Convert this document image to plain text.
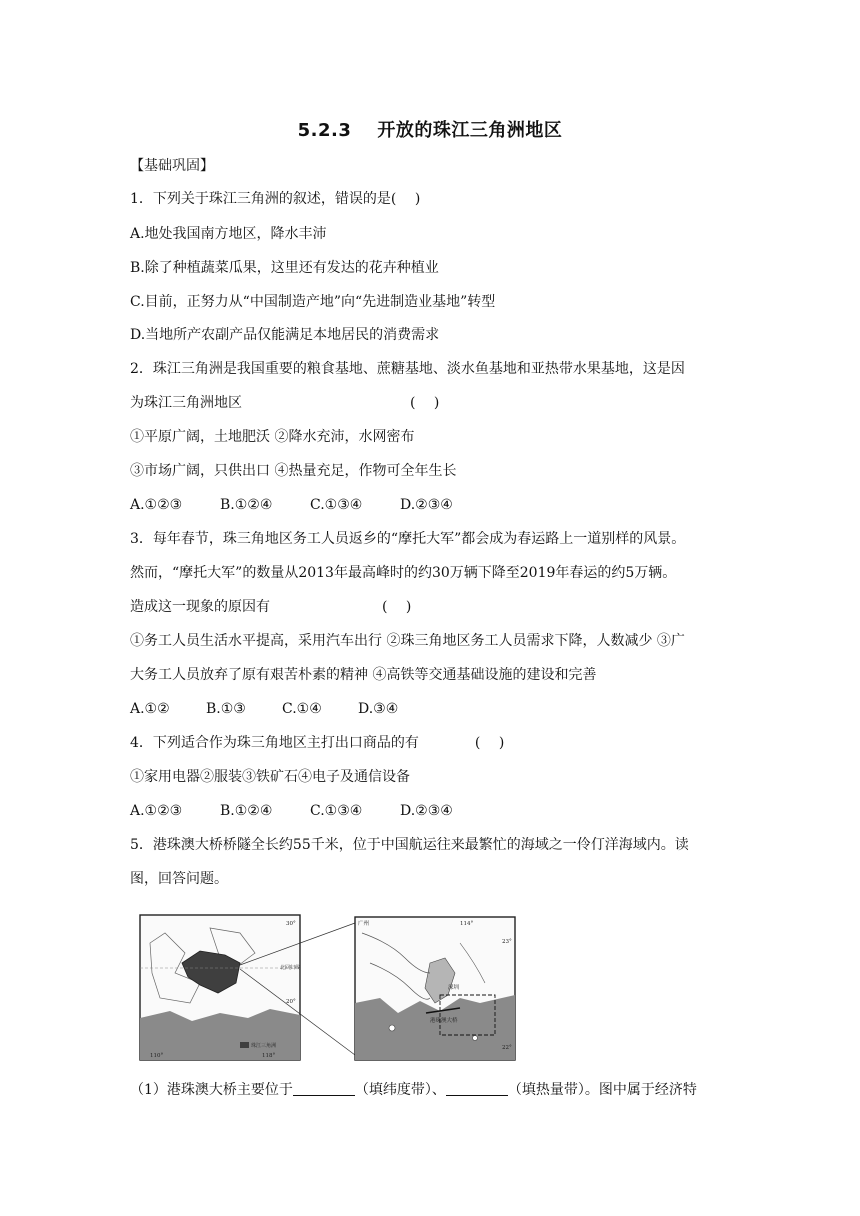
5.2.3 开放的珠江三角洲地区
【基础巩固】
1．下列关于珠江三角洲的叙述，错误的是(　 )
A.地处我国南方地区，降水丰沛
B.除了种植蔬菜瓜果，这里还有发达的花卉种植业
C.目前，正努力从“中国制造产地”向“先进制造业基地”转型
D.当地所产农副产品仅能满足本地居民的消费需求
2．珠江三角洲是我国重要的粮食基地、蔗糖基地、淡水鱼基地和亚热带水果基地，这是因
为珠江三角洲地区　　　　　　　　　　　　(　 )
①平原广阔，土地肥沃 ②降水充沛，水网密布
③市场广阔，只供出口 ④热量充足，作物可全年生长
A.①②③	B.①②④	C.①③④	D.②③④
3．每年春节，珠三角地区务工人员返乡的“摩托大军”都会成为春运路上一道别样的风景。
然而，“摩托大军”的数量从2013年最高峰时的约30万辆下降至2019年春运的约5万辆。
造成这一现象的原因有　　　　　　　　(　 )
①务工人员生活水平提高，采用汽车出行 ②珠三角地区务工人员需求下降，人数减少 ③广
大务工人员放弃了原有艰苦朴素的精神 ④高铁等交通基础设施的建设和完善
A.①②	B.①③	C.①④	D.③④
4．下列适合作为珠三角地区主打出口商品的有　　　　(　 )
①家用电器②服装③铁矿石④电子及通信设备
A.①②③	B.①②④	C.①③④	D.②③④
5．港珠澳大桥桥隧全长约55千米，位于中国航运往来最繁忙的海域之一伶仃洋海域内。读
图，回答问题。
30°
20°
110°	118°
北回归线
珠江三角洲
114°
23°
22°
广州
深圳
港珠澳大桥
（1）港珠澳大桥主要位于	（填纬度带）、	（填热量带）。图中属于经济特
